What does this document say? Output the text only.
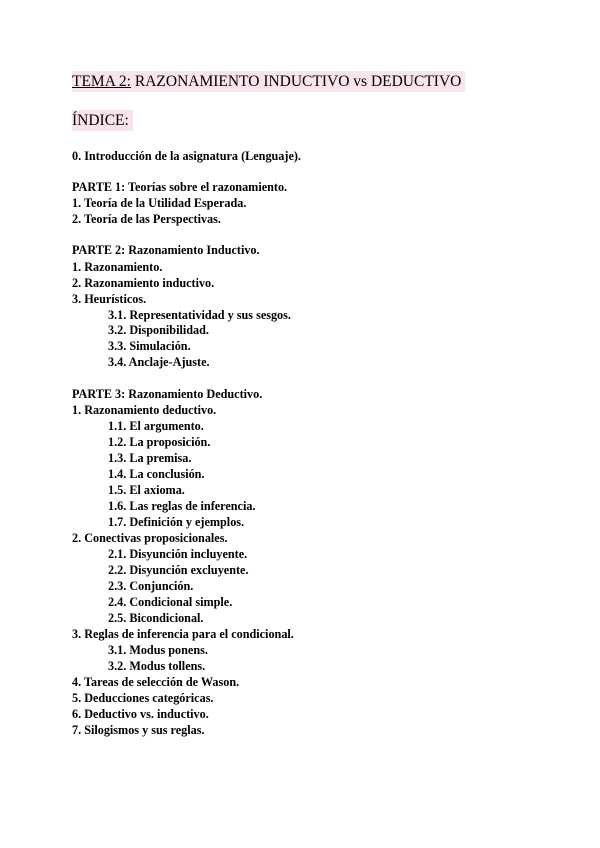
TEMA 2: RAZONAMIENTO INDUCTIVO vs DEDUCTIVO
ÍNDICE:
0. Introducción de la asignatura (Lenguaje).
PARTE 1: Teorías sobre el razonamiento.
1. Teoría de la Utilidad Esperada.
2. Teoría de las Perspectivas.
PARTE 2: Razonamiento Inductivo.
1. Razonamiento.
2. Razonamiento inductivo.
3. Heurísticos.
3.1. Representatividad y sus sesgos.
3.2. Disponibilidad.
3.3. Simulación.
3.4. Anclaje-Ajuste.
PARTE 3: Razonamiento Deductivo.
1. Razonamiento deductivo.
1.1. El argumento.
1.2. La proposición.
1.3. La premisa.
1.4. La conclusión.
1.5. El axioma.
1.6. Las reglas de inferencia.
1.7. Definición y ejemplos.
2. Conectivas proposicionales.
2.1. Disyunción incluyente.
2.2. Disyunción excluyente.
2.3. Conjunción.
2.4. Condicional simple.
2.5. Bicondicional.
3. Reglas de inferencia para el condicional.
3.1. Modus ponens.
3.2. Modus tollens.
4. Tareas de selección de Wason.
5. Deducciones categóricas.
6. Deductivo vs. inductivo.
7. Silogismos y sus reglas.
